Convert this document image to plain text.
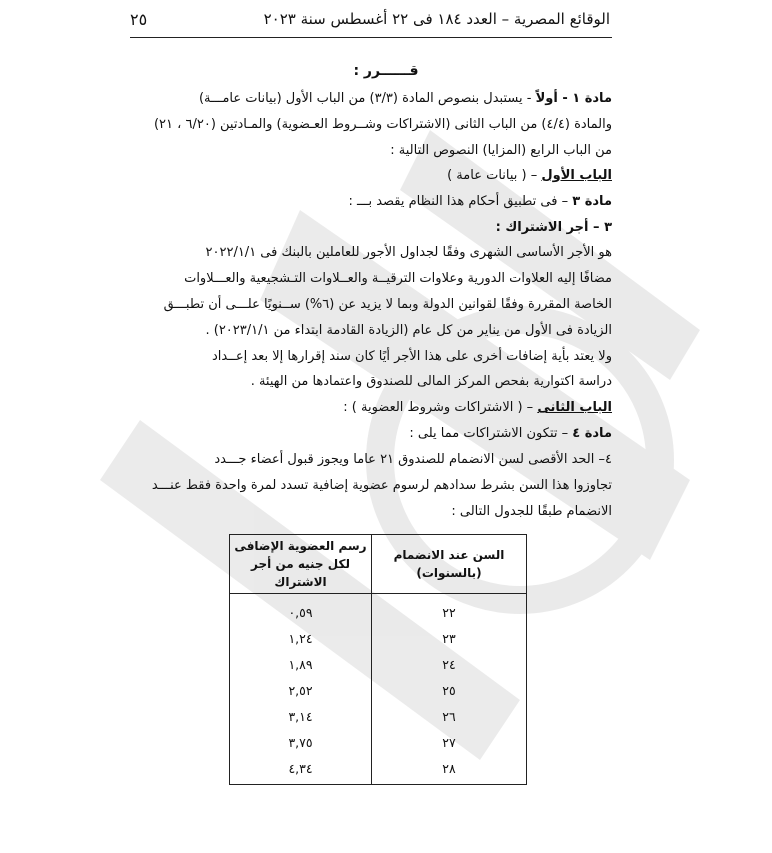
٢٥	الوقائع المصرية – العدد ١٨٤ فى ٢٢ أغسطس سنة ٢٠٢٣
قــــــرر :
مادة ١ - أولاً - يستبدل بنصوص المادة (٣/٣) من الباب الأول (بيانات عامـــة)
والمادة (٤/٤) من الباب الثانى (الاشتراكات وشــروط العـضوية) والمـادتين (٦/٢٠ ، ٢١)
من الباب الرابع (المزايا) النصوص التالية :
الباب الأول – ( بيانات عامة )
مادة ٣ – فى تطبيق أحكام هذا النظام يقصد بـــ :
٣ – أجر الاشتراك :
هو الأجر الأساسى الشهرى وفقًا لجداول الأجور للعاملين بالبنك فى ٢٠٢٢/١/١
مضافًا إليه العلاوات الدورية وعلاوات الترقيــة والعــلاوات التـشجيعية والعـــلاوات
الخاصة المقررة وفقًا لقوانين الدولة وبما لا يزيد عن (٦%) ســنويًا علـــى أن تطبـــق
الزيادة فى الأول من يناير من كل عام (الزيادة القادمة ابتداء من ٢٠٢٣/١/١) .
ولا يعتد بأية إضافات أخرى على هذا الأجر أيًا كان سند إقرارها إلا بعد إعــداد
دراسة اكتوارية بفحص المركز المالى للصندوق واعتمادها من الهيئة .
الباب الثانى – ( الاشتراكات وشروط العضوية ) :
مادة ٤ – تتكون الاشتراكات مما يلى :
٤– الحد الأقصى لسن الانضمام للصندوق ٢١ عاما ويجوز قبول أعضاء جـــدد
تجاوزوا هذا السن بشرط سدادهم لرسوم عضوية إضافية تسدد لمرة واحدة فقط عنـــد
الانضمام طبقًا للجدول التالى :
السن عند الانضمام (بالسنوات)	رسم العضوية الإضافى لكل جنيه من أجر الاشتراك
٢٢	٠,٥٩
٢٣	١,٢٤
٢٤	١,٨٩
٢٥	٢,٥٢
٢٦	٣,١٤
٢٧	٣,٧٥
٢٨	٤,٣٤
